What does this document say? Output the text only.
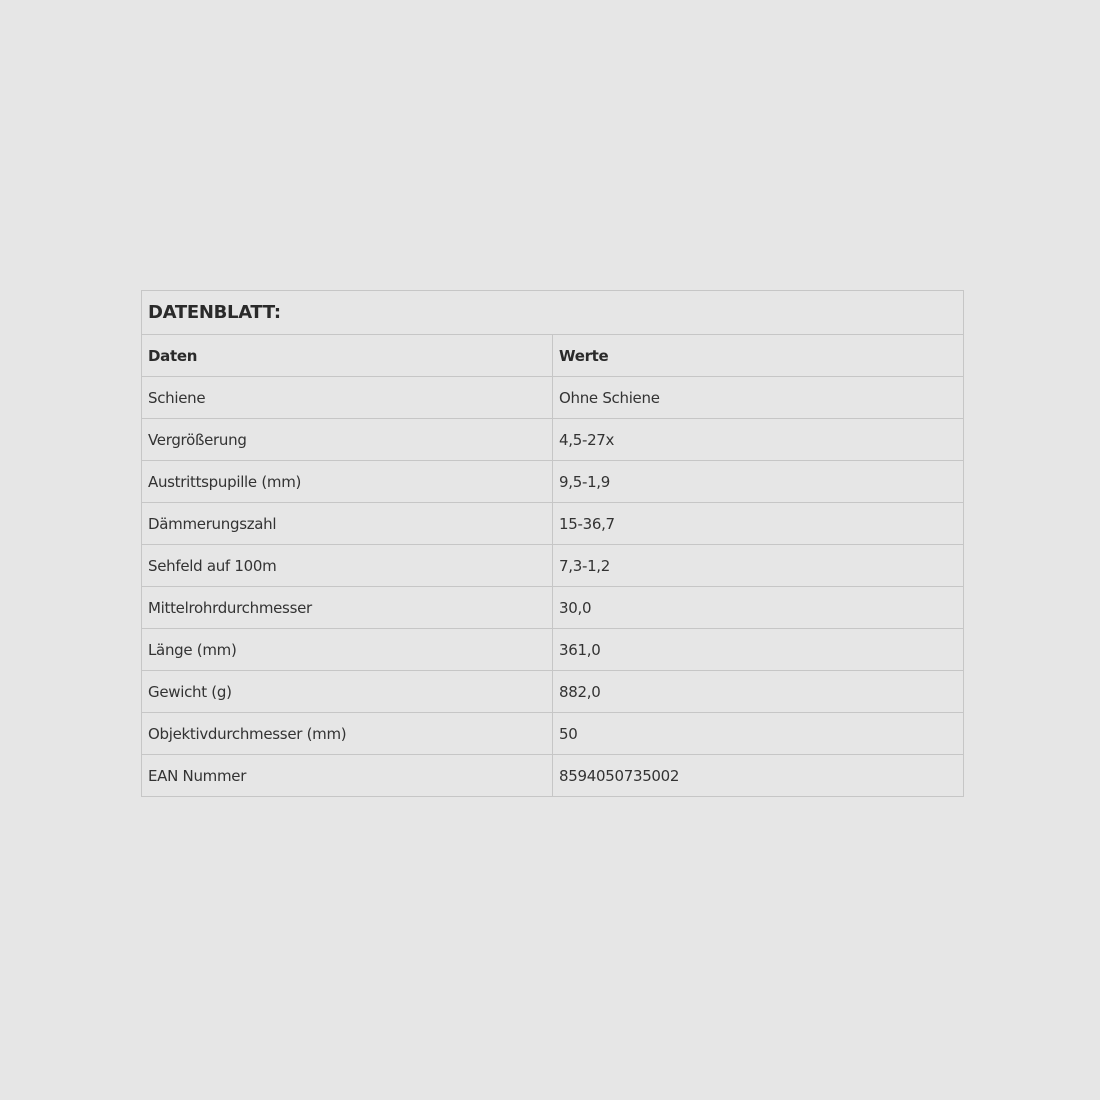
DATENBLATT:	
Daten	Werte
Schiene	Ohne Schiene
Vergrößerung	4,5-27x
Austrittspupille (mm)	9,5-1,9
Dämmerungszahl	15-36,7
Sehfeld auf 100m	7,3-1,2
Mittelrohrdurchmesser	30,0
Länge (mm)	361,0
Gewicht (g)	882,0
Objektivdurchmesser (mm)	50
EAN Nummer	8594050735002
